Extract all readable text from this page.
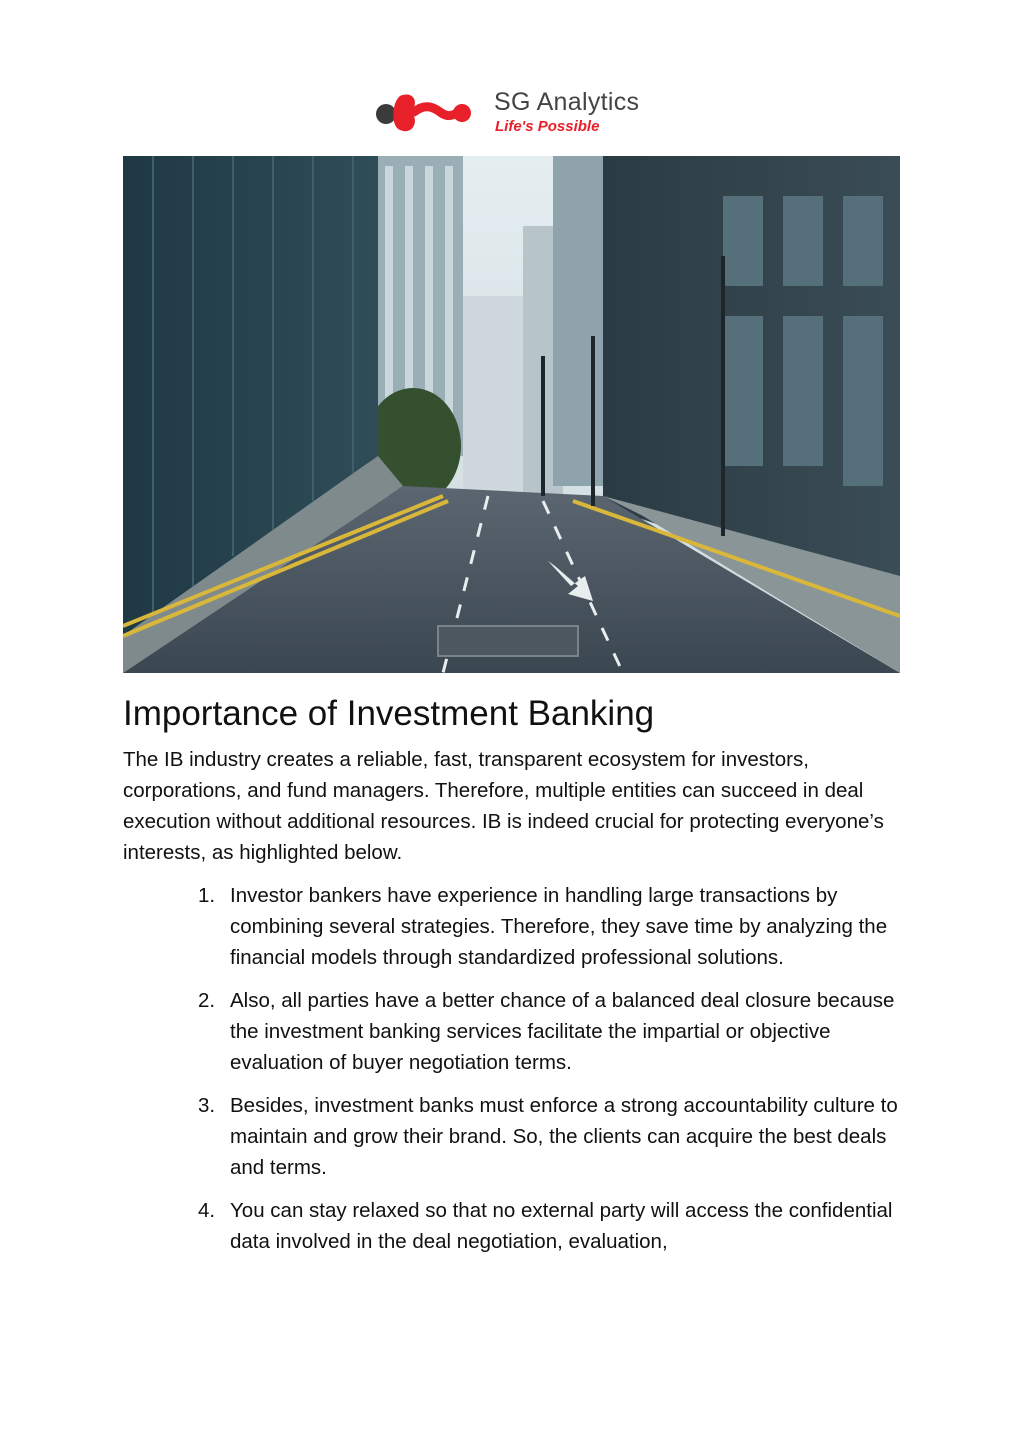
SG Analytics
Life's Possible
Importance of Investment Banking

The IB industry creates a reliable, fast, transparent ecosystem for investors, corporations, and fund managers. Therefore, multiple entities can succeed in deal execution without additional resources. IB is indeed crucial for protecting everyone’s interests, as highlighted below.

1. Investor bankers have experience in handling large transactions by combining several strategies. Therefore, they save time by analyzing the financial models through standardized professional solutions.
2. Also, all parties have a better chance of a balanced deal closure because the investment banking services facilitate the impartial or objective evaluation of buyer negotiation terms.
3. Besides, investment banks must enforce a strong accountability culture to maintain and grow their brand. So, the clients can acquire the best deals and terms.
4. You can stay relaxed so that no external party will access the confidential data involved in the deal negotiation, evaluation,
